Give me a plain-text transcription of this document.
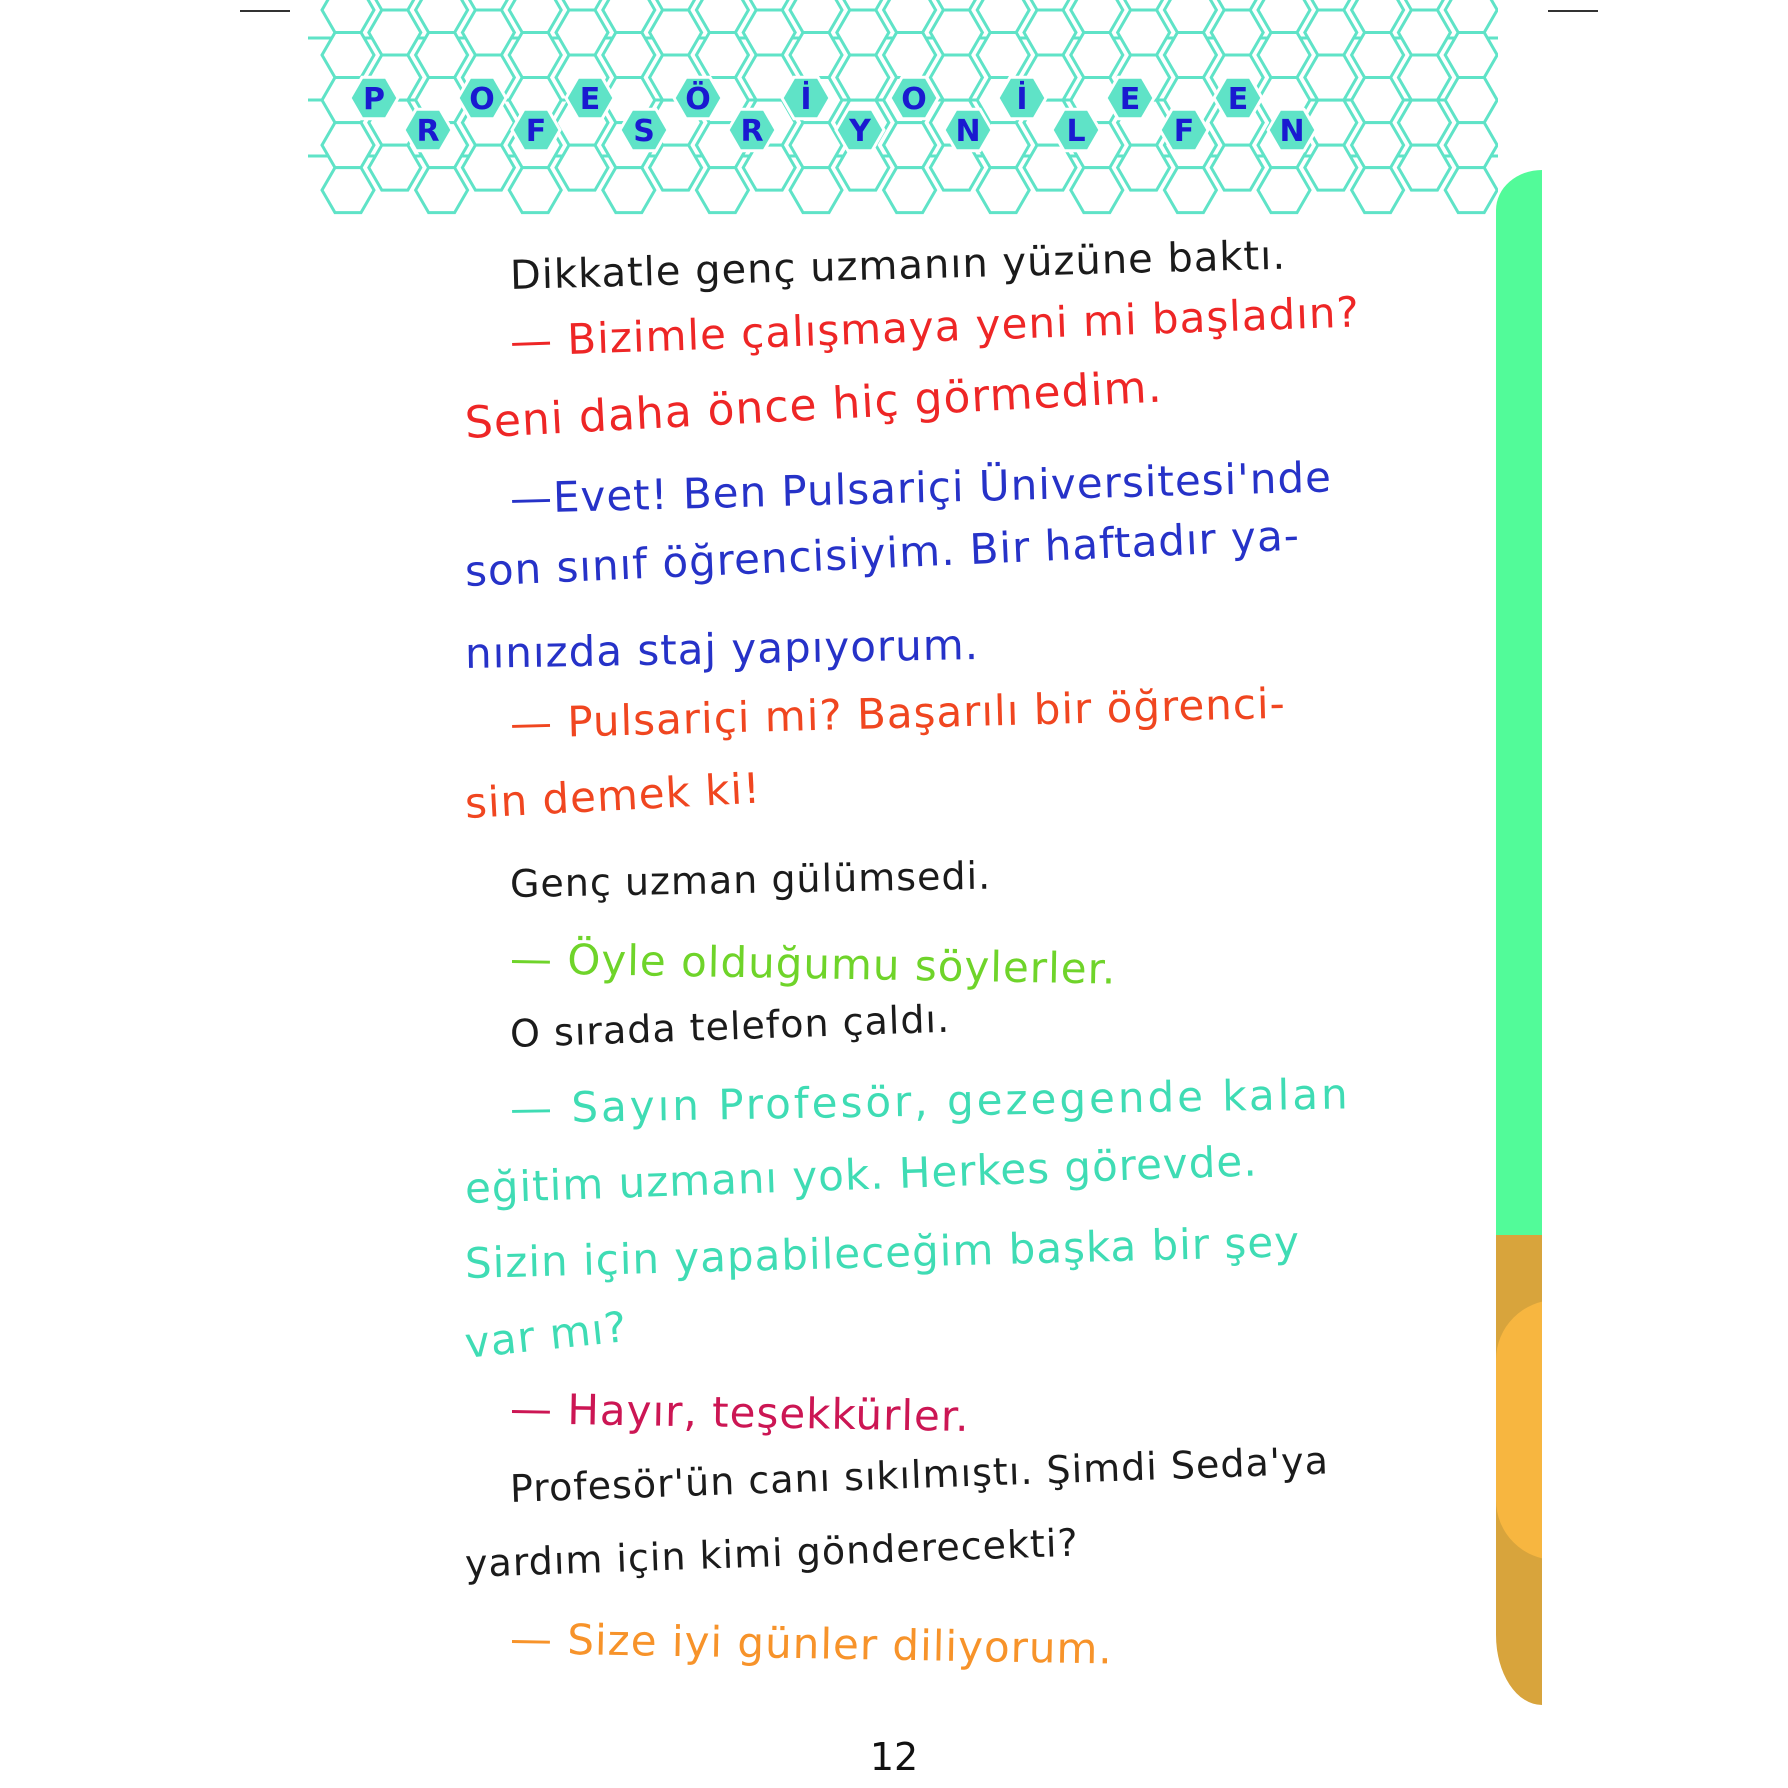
P
R
O
F
E
S
Ö
R
İ
Y
O
N
İ
L
E
F
E
N

Dikkatle genç uzmanın yüzüne baktı.

— Bizimle çalışmaya yeni mi başladın?

Seni daha önce hiç görmedim.

—Evet! Ben Pulsariçi Üniversitesi'nde

son sınıf öğrencisiyim. Bir haftadır ya-

nınızda staj yapıyorum.

— Pulsariçi mi? Başarılı bir öğrenci-

sin demek ki!

Genç uzman gülümsedi.

— Öyle olduğumu söylerler.

O sırada telefon çaldı.

— Sayın Profesör, gezegende kalan

eğitim uzmanı yok. Herkes görevde.

Sizin için yapabileceğim başka bir şey

var mı?

— Hayır, teşekkürler.

Profesör'ün canı sıkılmıştı. Şimdi Seda'ya

yardım için kimi gönderecekti?

— Size iyi günler diliyorum.

12
